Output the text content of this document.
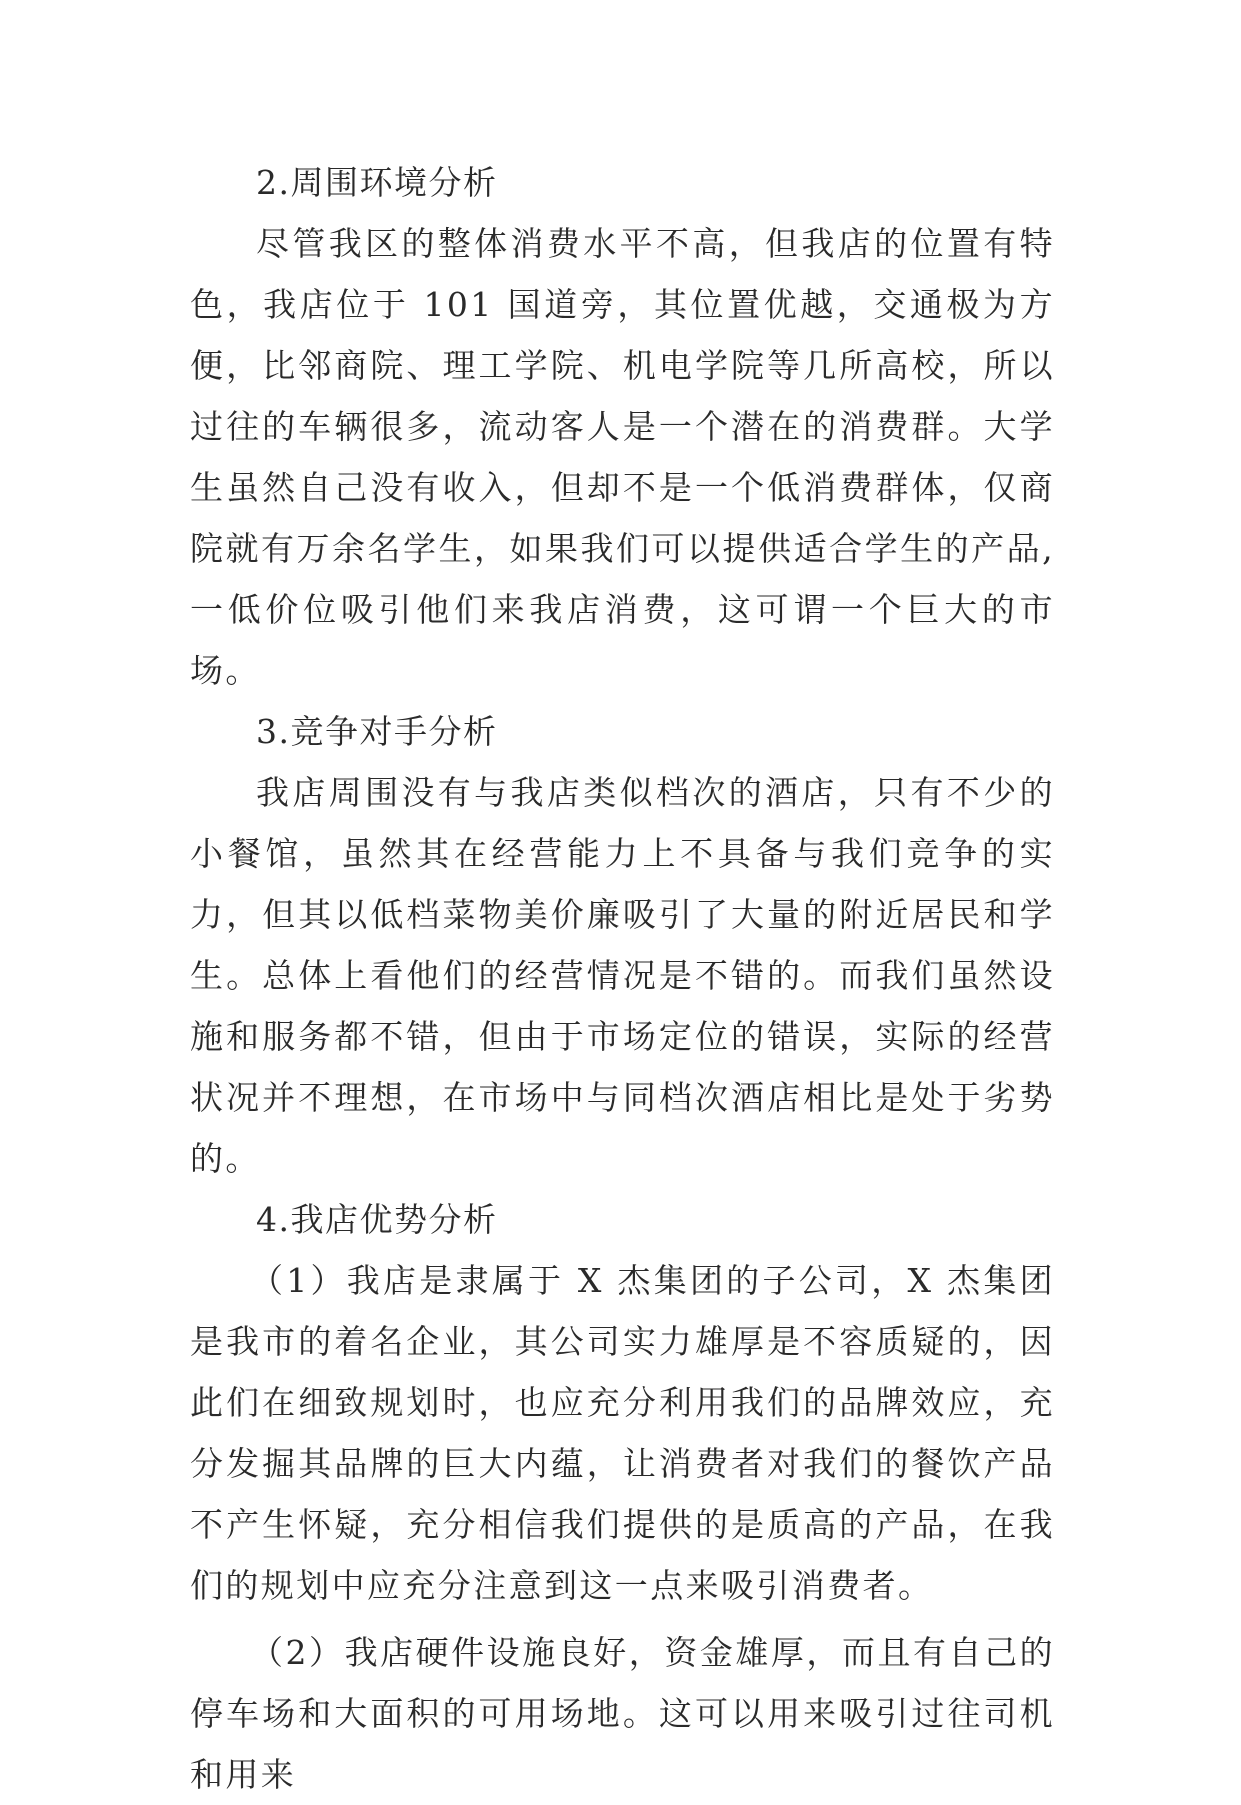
2.周围环境分析

尽管我区的整体消费水平不高，但我店的位置有特色，我店位于 101 国道旁，其位置优越，交通极为方便，比邻商院、理工学院、机电学院等几所高校，所以过往的车辆很多，流动客人是一个潜在的消费群。大学生虽然自己没有收入，但却不是一个低消费群体，仅商院就有万余名学生，如果我们可以提供适合学生的产品,一低价位吸引他们来我店消费，这可谓一个巨大的市场。

3.竞争对手分析

我店周围没有与我店类似档次的酒店，只有不少的小餐馆，虽然其在经营能力上不具备与我们竞争的实力，但其以低档菜物美价廉吸引了大量的附近居民和学生。总体上看他们的经营情况是不错的。而我们虽然设施和服务都不错，但由于市场定位的错误，实际的经营状况并不理想，在市场中与同档次酒店相比是处于劣势的。

4.我店优势分析

（1）我店是隶属于 X 杰集团的子公司，X 杰集团是我市的着名企业，其公司实力雄厚是不容质疑的，因此们在细致规划时，也应充分利用我们的品牌效应，充分发掘其品牌的巨大内蕴，让消费者对我们的餐饮产品不产生怀疑，充分相信我们提供的是质高的产品，在我们的规划中应充分注意到这一点来吸引消费者。

（2）我店硬件设施良好，资金雄厚，而且有自己的停车场和大面积的可用场地。这可以用来吸引过往司机和用来
